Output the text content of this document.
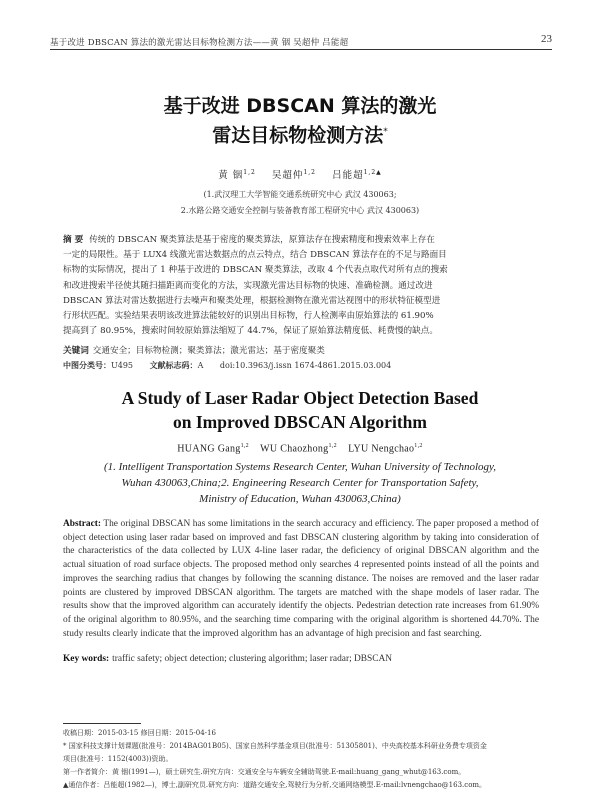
基于改进 DBSCAN 算法的激光雷达目标物检测方法——黄 铟 吴超仲 吕能超	23
基于改进 DBSCAN 算法的激光
雷达目标物检测方法*
黄 铟$^{1,2}$ 吴超仲$^{1,2}$ 吕能超$^{1,2▲}$
(1.武汉理工大学智能交通系统研究中心 武汉 430063;
2.水路公路交通安全控制与装备教育部工程研究中心 武汉 430063)
摘 要 传统的 DBSCAN 聚类算法是基于密度的聚类算法，原算法存在搜索精度和搜索效率上存在
一定的局限性。基于 LUX4 线激光雷达数据点的点云特点，结合 DBSCAN 算法存在的不足与路面目
标物的实际情况，提出了 1 种基于改进的 DBSCAN 聚类算法，改取 4 个代表点取代对所有点的搜索
和改进搜索半径使其随扫描距离而变化的方法，实现激光雷达目标物的快速、准确检测。通过改进
DBSCAN 算法对雷达数据进行去噪声和聚类处理，根据检测物在激光雷达视图中的形状特征模型进
行形状匹配。实验结果表明该改进算法能较好的识别出目标物，行人检测率由原始算法的 61.90%
提高到了 80.95%，搜索时间较原始算法缩短了 44.7%，保证了原始算法精度低、耗费慢的缺点。
关键词 交通安全；目标物检测；聚类算法；激光雷达；基于密度聚类
中图分类号：U495 文献标志码：A doi:10.3963/j.issn 1674-4861.2015.03.004
A Study of Laser Radar Object Detection Based
on Improved DBSCAN Algorithm
HUANG Gang$^{1,2}$ WU Chaozhong$^{1,2}$ LYU Nengchao$^{1,2}$
(1. Intelligent Transportation Systems Research Center, Wuhan University of Technology,
Wuhan 430063,China;2. Engineering Research Center for Transportation Safety,
Ministry of Education, Wuhan 430063,China)
Abstract: The original DBSCAN has some limitations in the search accuracy and efficiency. The paper proposed a method of object detection using laser radar based on improved and fast DBSCAN clustering algorithm by taking into consideration of the characteristics of the data collected by LUX 4-line laser radar, the deficiency of original DBSCAN algorithm and the actual situation of road surface objects. The proposed method only searches 4 represented points instead of all the points and improves the searching radius that changes by following the scanning distance. The noises are removed and the laser radar points are clustered by improved DBSCAN algorithm. The targets are matched with the shape models of laser radar. The results show that the improved algorithm can accurately identify the objects. Pedestrian detection rate increases from 61.90% of the original algorithm to 80.95%, and the searching time comparing with the original algorithm is shortened 44.70%. The study results clearly indicate that the improved algorithm has an advantage of high precision and fast searching.
Key words: traffic safety; object detection; clustering algorithm; laser radar; DBSCAN
收稿日期：2015-03-15 修回日期：2015-04-16
* 国家科技支撑计划课题(批准号：2014BAG01B05)、国家自然科学基金项目(批准号：51305801)、中央高校基本科研业务费专项资金
项目(批准号：1152(4003))资助。
第一作者简介：黄 铟(1991—)，硕士研究生.研究方向：交通安全与车辆安全辅助驾驶.E-mail:huang_gang_whut@163.com。
▲通信作者：吕能超(1982—)，博士,副研究员.研究方向：道路交通安全,驾驶行为分析,交通网络模型.E-mail:lvnengchao@163.com。
